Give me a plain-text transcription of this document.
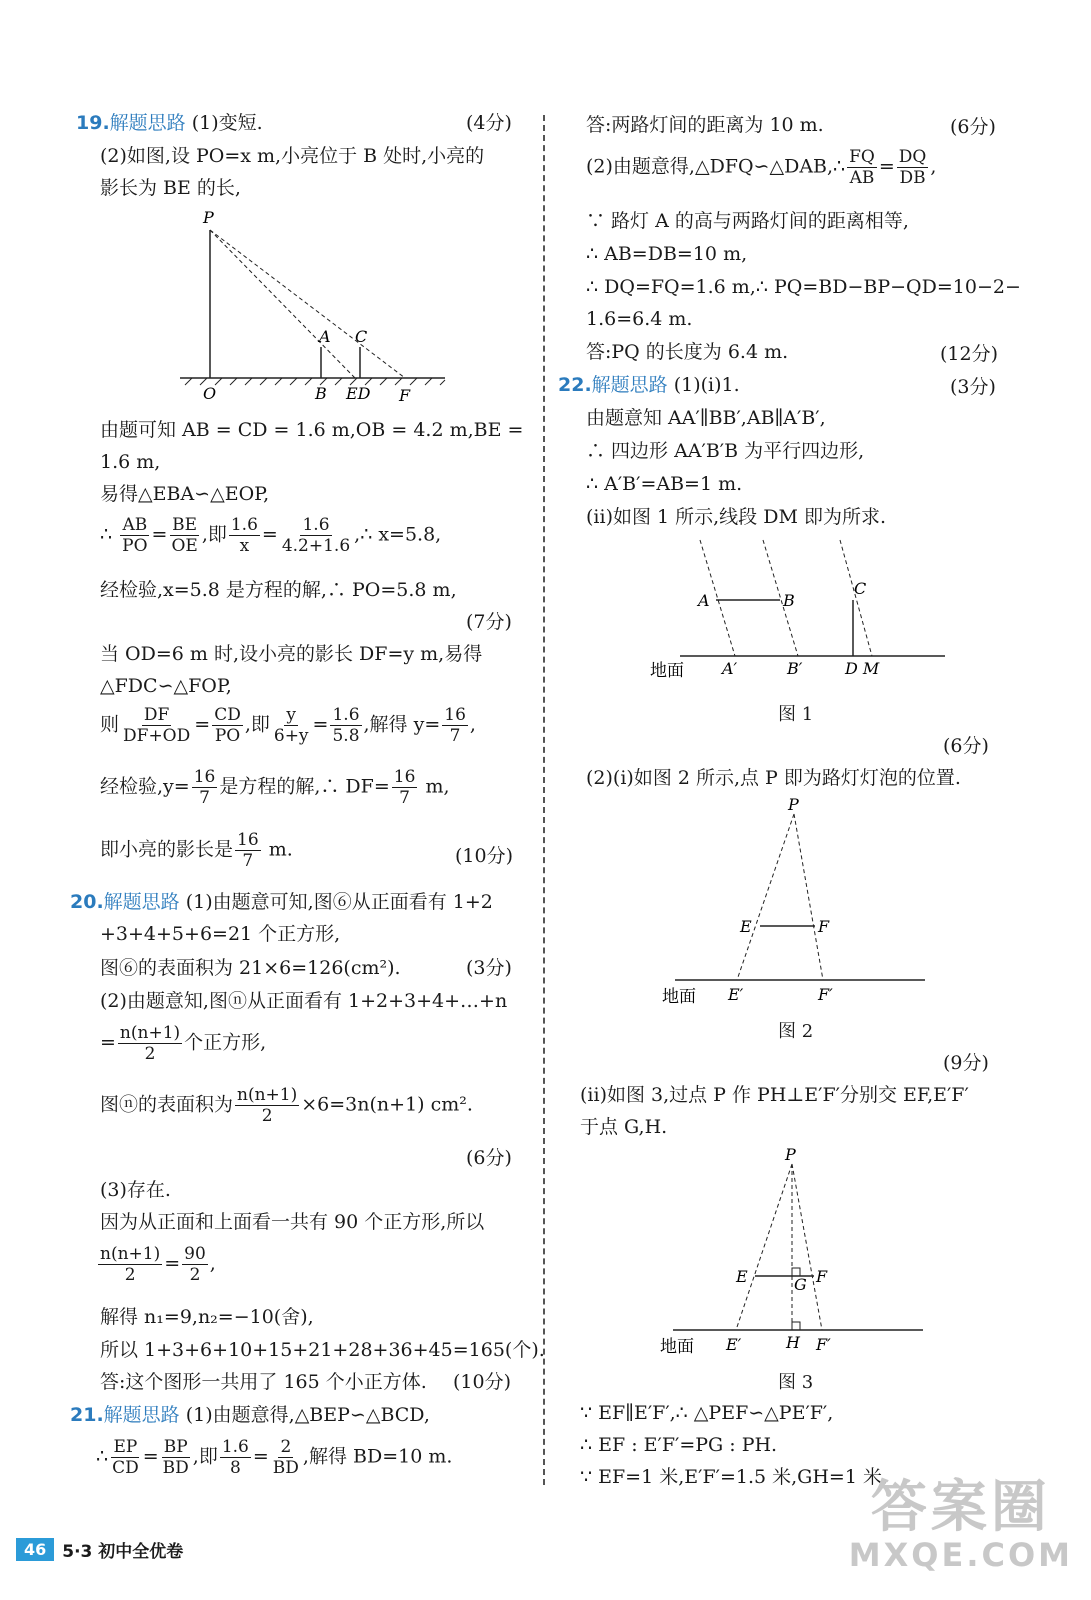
19.解题思路 (1)变短.	(4分)
(2)如图,设 PO=x m,小亮位于 B 处时,小亮的
影长为 BE 的长,
P
A C
O	B ED F
由题可知 AB = CD = 1.6 m,OB = 4.2 m,BE =
1.6 m,
易得△EBA∽△EOP,
∴ $\frac{AB}{PO} = \frac{BE}{OE}$ ,即 $\frac{1.6}{x} = \frac{1.6}{4.2+1.6}$ ,∴ x=5.8,
经检验,x=5.8 是方程的解,∴ PO=5.8 m,
(7分)
当 OD=6 m 时,设小亮的影长 DF=y m,易得
△FDC∽△FOP,
则 $\frac{DF}{DF+OD} = \frac{CD}{PO}$ ,即 $\frac{y}{6+y} = \frac{1.6}{5.8}$ ,解得 $y= \frac{16}{7}$ ,
经检验$,y= \frac{16}{7}$ 是方程的解,∴ $DF= \frac{16}{7} m$,
即小亮的影长是 $\frac{16}{7} m$.	(10分)
20.解题思路 (1)由题意可知,图⑥从正面看有 1+2
+3+4+5+6=21 个正方形,
图⑥的表面积为 21×6=126(cm²).	(3分)
(2)由题意知,图ⓝ从正面看有 1+2+3+4+…+n
= $\frac{n(n+1)}{2}$ 个正方形,
图ⓝ的表面积为 $\frac{n(n+1)}{2} \times 6=3n(n+1)$ cm².
(6分)
(3)存在.
因为从正面和上面看一共有 90 个正方形,所以
$\frac{n(n+1)}{2} = \frac{90}{2}$ ,
解得 n₁=9,n₂=−10(舍),
所以 1+3+6+10+15+21+28+36+45=165(个).
答:这个图形一共用了 165 个小正方体. (10分)
21.解题思路 (1)由题意得,△BEP∽△BCD,
∴ $\frac{EP}{CD} = \frac{BP}{BD}$ ,即 $\frac{1.6}{8} = \frac{2}{BD}$ ,解得 BD=10 m.
答:两路灯间的距离为 10 m.	(6分)
(2)由题意得,△DFQ∽△DAB,∴ $\frac{FQ}{AB} = \frac{DQ}{DB}$ ,
∵ 路灯 A 的高与两路灯间的距离相等,
∴ AB=DB=10 m,
∴ DQ=FQ=1.6 m,∴ PQ=BD−BP−QD=10−2−
1.6=6.4 m.
答:PQ 的长度为 6.4 m.	(12分)
22.解题思路 (1)(i)1.	(3分)
由题意知 AA′∥BB′,AB∥A′B′,
∴ 四边形 AA′B′B 为平行四边形,
∴ A′B′=AB=1 m.
(ii)如图 1 所示,线段 DM 即为所求.
A	B
C
地面 A′	B′	D M
图 1
(6分)
(2)(i)如图 2 所示,点 P 即为路灯灯泡的位置.
P
E	F
地面 E′	F′
图 2
(9分)
(ii)如图 3,过点 P 作 PH⊥E′F′分别交 EF,E′F′
于点 G,H.
P
E	G F
地面 E′	H F′
图 3
∵ EF∥E′F′,∴ △PEF∽△PE′F′,
∴ EF : E′F′=PG : PH.
∵ EF=1 米,E′F′=1.5 米,GH=1 米,
46 5·3 初中全优卷
答案圈
MXQE.COM
